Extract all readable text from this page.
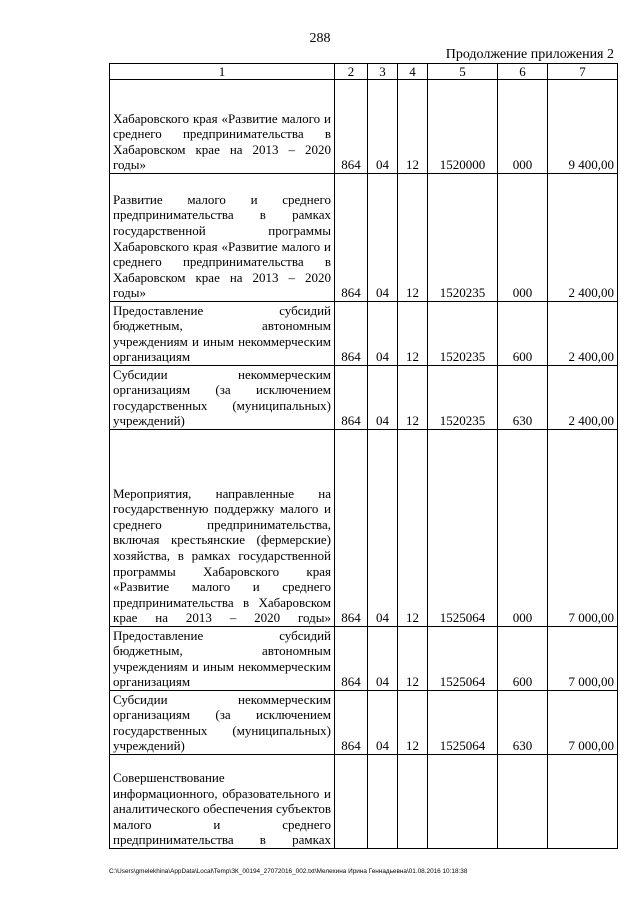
288
Продолжение приложения 2
1	2	3	4	5	6	7
Хабаровского края «Развитие малого и среднего предпринимательства в Хабаровском крае на 2013 – 2020 годы»	864	04	12	1520000	000	9 400,00
Развитие малого и среднего предпринимательства в рамках государственной программы Хабаровского края «Развитие малого и среднего предпринимательства в Хабаровском крае на 2013 – 2020 годы»	864	04	12	1520235	000	2 400,00
Предоставление субсидий бюджетным, автономным учреждениям и иным некоммерческим организациям	864	04	12	1520235	600	2 400,00
Субсидии некоммерческим организациям (за исключением государственных (муниципальных) учреждений)	864	04	12	1520235	630	2 400,00
Мероприятия, направленные на государственную поддержку малого и среднего предпринимательства, включая крестьянские (фермерские) хозяйства, в рамках государственной программы Хабаровского края «Развитие малого и среднего предпринимательства в Хабаровском крае на 2013 – 2020 годы»	864	04	12	1525064	000	7 000,00
Предоставление субсидий бюджетным, автономным учреждениям и иным некоммерческим организациям	864	04	12	1525064	600	7 000,00
Субсидии некоммерческим организациям (за исключением государственных (муниципальных) учреждений)	864	04	12	1525064	630	7 000,00
Совершенствование информационного, образовательного и аналитического обеспечения субъектов малого и среднего предпринимательства в рамках						
C:\Users\gmelekhina\AppData\Local\Temp\ЗК_00194_27072016_002.txt\Мелехина Ирина Геннадьевна\01.08.2016 10:18:38
